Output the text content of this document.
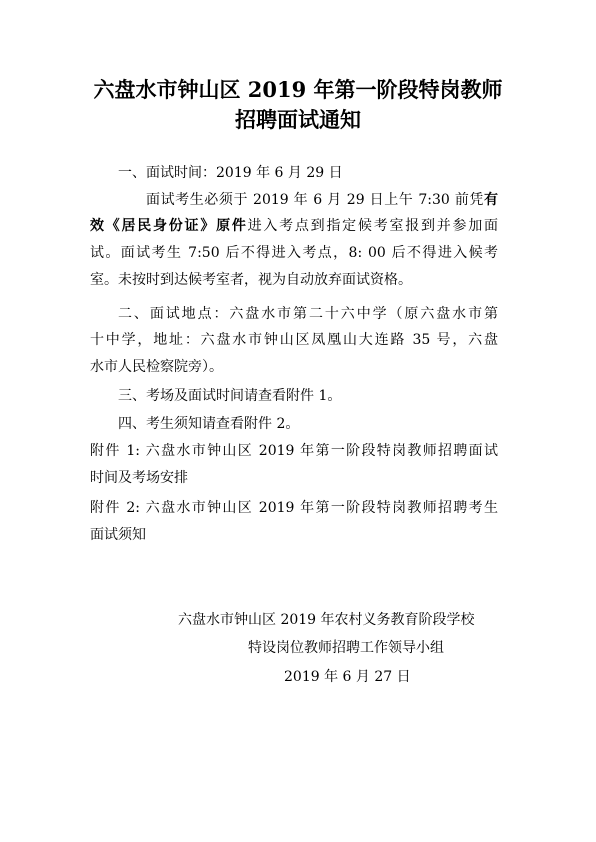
六盘水市钟山区 2019 年第一阶段特岗教师
招聘面试通知
一、面试时间：2019 年 6 月 29 日
面试考生必须于 2019 年 6 月 29 日上午 7:30 前凭有
效《居民身份证》原件进入考点到指定候考室报到并参加面
试。面试考生 7:50 后不得进入考点，8: 00 后不得进入候考
室。未按时到达候考室者，视为自动放弃面试资格。
二、面试地点：六盘水市第二十六中学（原六盘水市第
十中学，地址：六盘水市钟山区凤凰山大连路 35 号，六盘
水市人民检察院旁）。
三、考场及面试时间请查看附件 1。
四、考生须知请查看附件 2。
附件 1: 六盘水市钟山区 2019 年第一阶段特岗教师招聘面试
时间及考场安排
附件 2: 六盘水市钟山区 2019 年第一阶段特岗教师招聘考生
面试须知
六盘水市钟山区 2019 年农村义务教育阶段学校
特设岗位教师招聘工作领导小组
2019 年 6 月 27 日
